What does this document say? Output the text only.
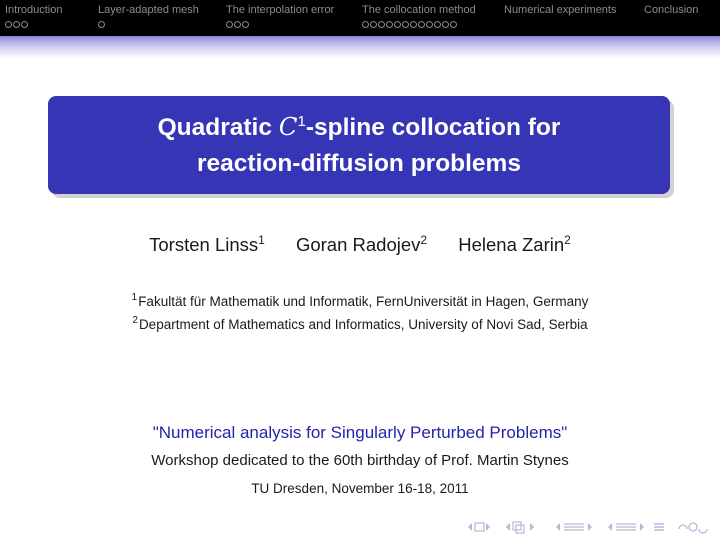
Introduction	Layer-adapted mesh The interpolation error	The collocation method	Numerical experiments	Conclusion
Quadratic $C^1$-spline collocation for
reaction-diffusion problems
Torsten Linss$^1$ Goran Radojev$^2$ Helena Zarin$^2$
$^1$Fakultät für Mathematik und Informatik, FernUniversität in Hagen, Germany
$^2$Department of Mathematics and Informatics, University of Novi Sad, Serbia
"Numerical analysis for Singularly Perturbed Problems"
Workshop dedicated to the 60th birthday of Prof. Martin Stynes
TU Dresden, November 16-18, 2011
